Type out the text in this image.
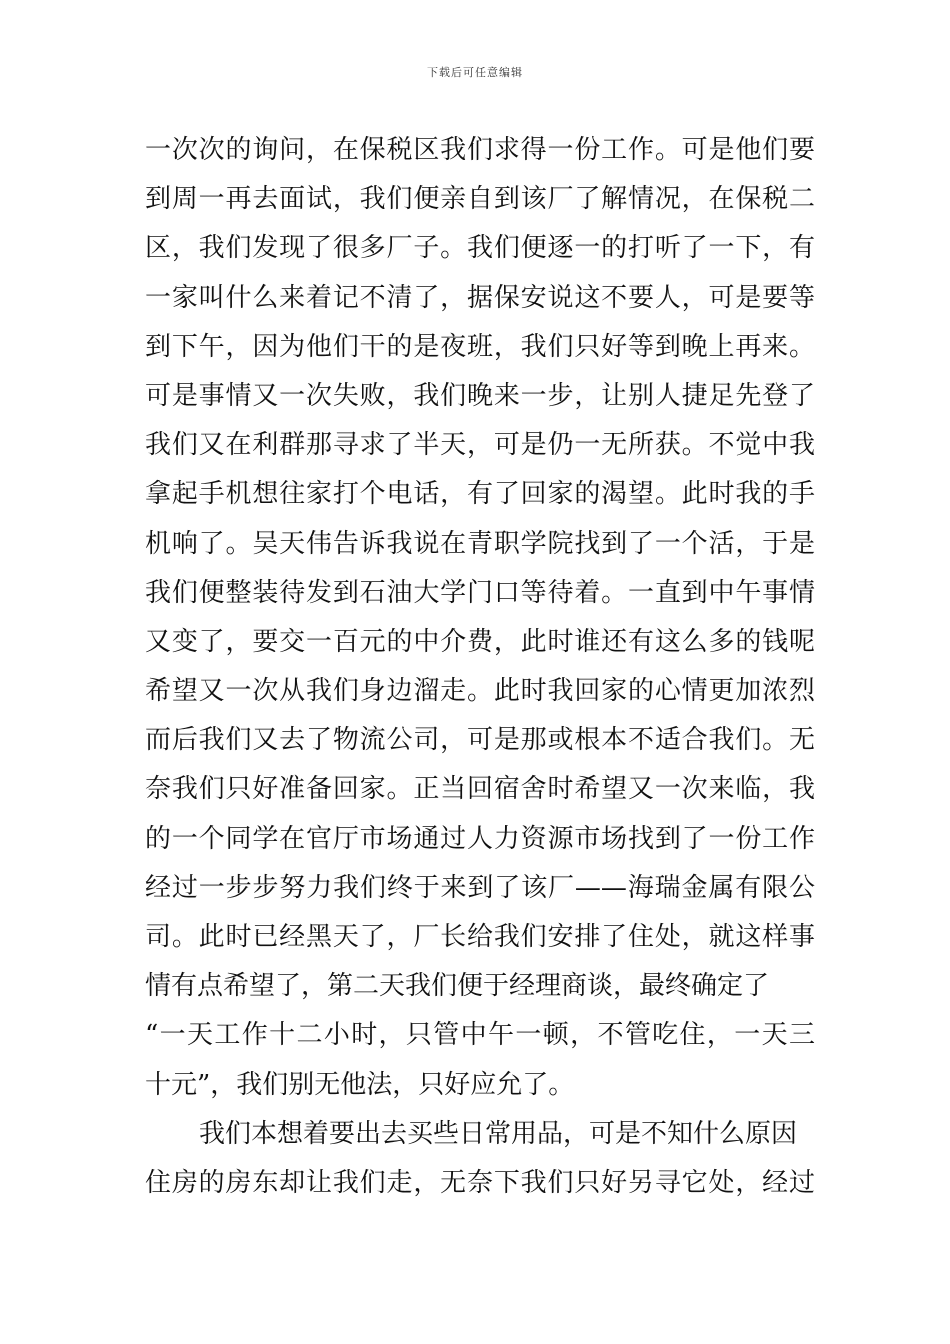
下载后可任意编辑
一次次的询问，在保税区我们求得一份工作。可是他们要
到周一再去面试，我们便亲自到该厂了解情况，在保税二
区，我们发现了很多厂子。我们便逐一的打听了一下，有
一家叫什么来着记不清了，据保安说这不要人，可是要等
到下午，因为他们干的是夜班，我们只好等到晚上再来。
可是事情又一次失败，我们晚来一步，让别人捷足先登了
我们又在利群那寻求了半天，可是仍一无所获。不觉中我
拿起手机想往家打个电话，有了回家的渴望。此时我的手
机响了。吴天伟告诉我说在青职学院找到了一个活，于是
我们便整装待发到石油大学门口等待着。一直到中午事情
又变了，要交一百元的中介费，此时谁还有这么多的钱呢
希望又一次从我们身边溜走。此时我回家的心情更加浓烈
而后我们又去了物流公司，可是那或根本不适合我们。无
奈我们只好准备回家。正当回宿舍时希望又一次来临，我
的一个同学在官厅市场通过人力资源市场找到了一份工作
经过一步步努力我们终于来到了该厂——海瑞金属有限公
司。此时已经黑天了，厂长给我们安排了住处，就这样事
情有点希望了，第二天我们便于经理商谈，最终确定了
“一天工作十二小时，只管中午一顿，不管吃住，一天三
十元”，我们别无他法，只好应允了。
我们本想着要出去买些日常用品，可是不知什么原因
住房的房东却让我们走，无奈下我们只好另寻它处，经过
